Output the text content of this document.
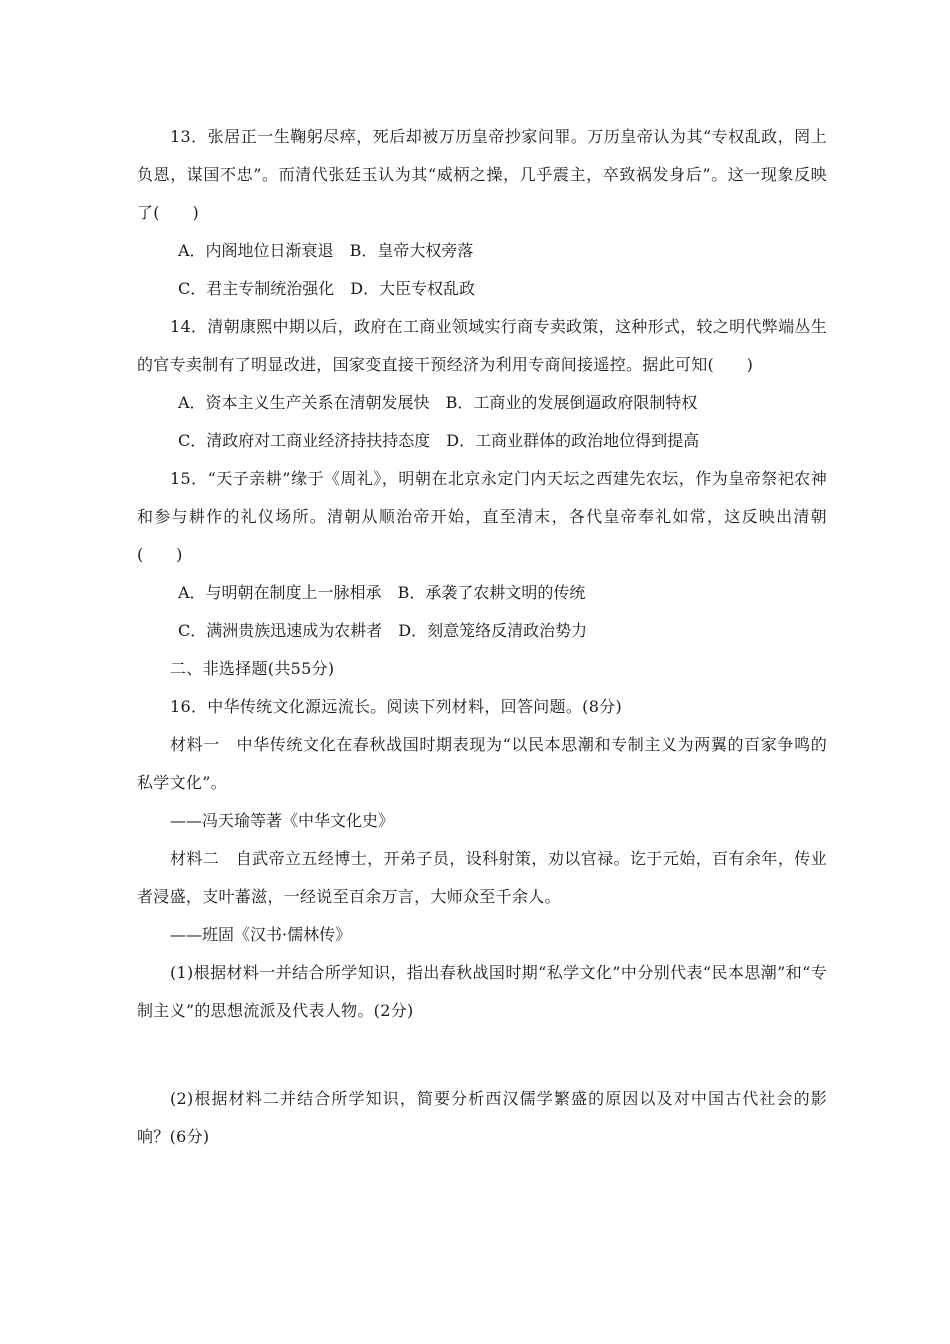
13．张居正一生鞠躬尽瘁，死后却被万历皇帝抄家问罪。万历皇帝认为其“专权乱政，罔上负恩，谋国不忠”。而清代张廷玉认为其“威柄之操，几乎震主，卒致祸发身后”。这一现象反映了(　　)

A．内阁地位日渐衰退 B．皇帝大权旁落

C．君主专制统治强化 D．大臣专权乱政

14．清朝康熙中期以后，政府在工商业领域实行商专卖政策，这种形式，较之明代弊端丛生的官专卖制有了明显改进，国家变直接干预经济为利用专商间接遥控。据此可知(　　)

A．资本主义生产关系在清朝发展快 B．工商业的发展倒逼政府限制特权

C．清政府对工商业经济持扶持态度 D．工商业群体的政治地位得到提高

15．“天子亲耕”缘于《周礼》，明朝在北京永定门内天坛之西建先农坛，作为皇帝祭祀农神和参与耕作的礼仪场所。清朝从顺治帝开始，直至清末，各代皇帝奉礼如常，这反映出清朝(　　)

A．与明朝在制度上一脉相承 B．承袭了农耕文明的传统

C．满洲贵族迅速成为农耕者 D．刻意笼络反清政治势力

二、非选择题(共55分)

16．中华传统文化源远流长。阅读下列材料，回答问题。(8分)

材料一　中华传统文化在春秋战国时期表现为“以民本思潮和专制主义为两翼的百家争鸣的私学文化”。

——冯天瑜等著《中华文化史》

材料二　自武帝立五经博士，开弟子员，设科射策，劝以官禄。讫于元始，百有余年，传业者浸盛，支叶蕃滋，一经说至百余万言，大师众至千余人。

——班固《汉书·儒林传》

(1)根据材料一并结合所学知识，指出春秋战国时期“私学文化”中分别代表“民本思潮”和“专制主义”的思想流派及代表人物。(2分)

(2)根据材料二并结合所学知识，简要分析西汉儒学繁盛的原因以及对中国古代社会的影响？(6分)
